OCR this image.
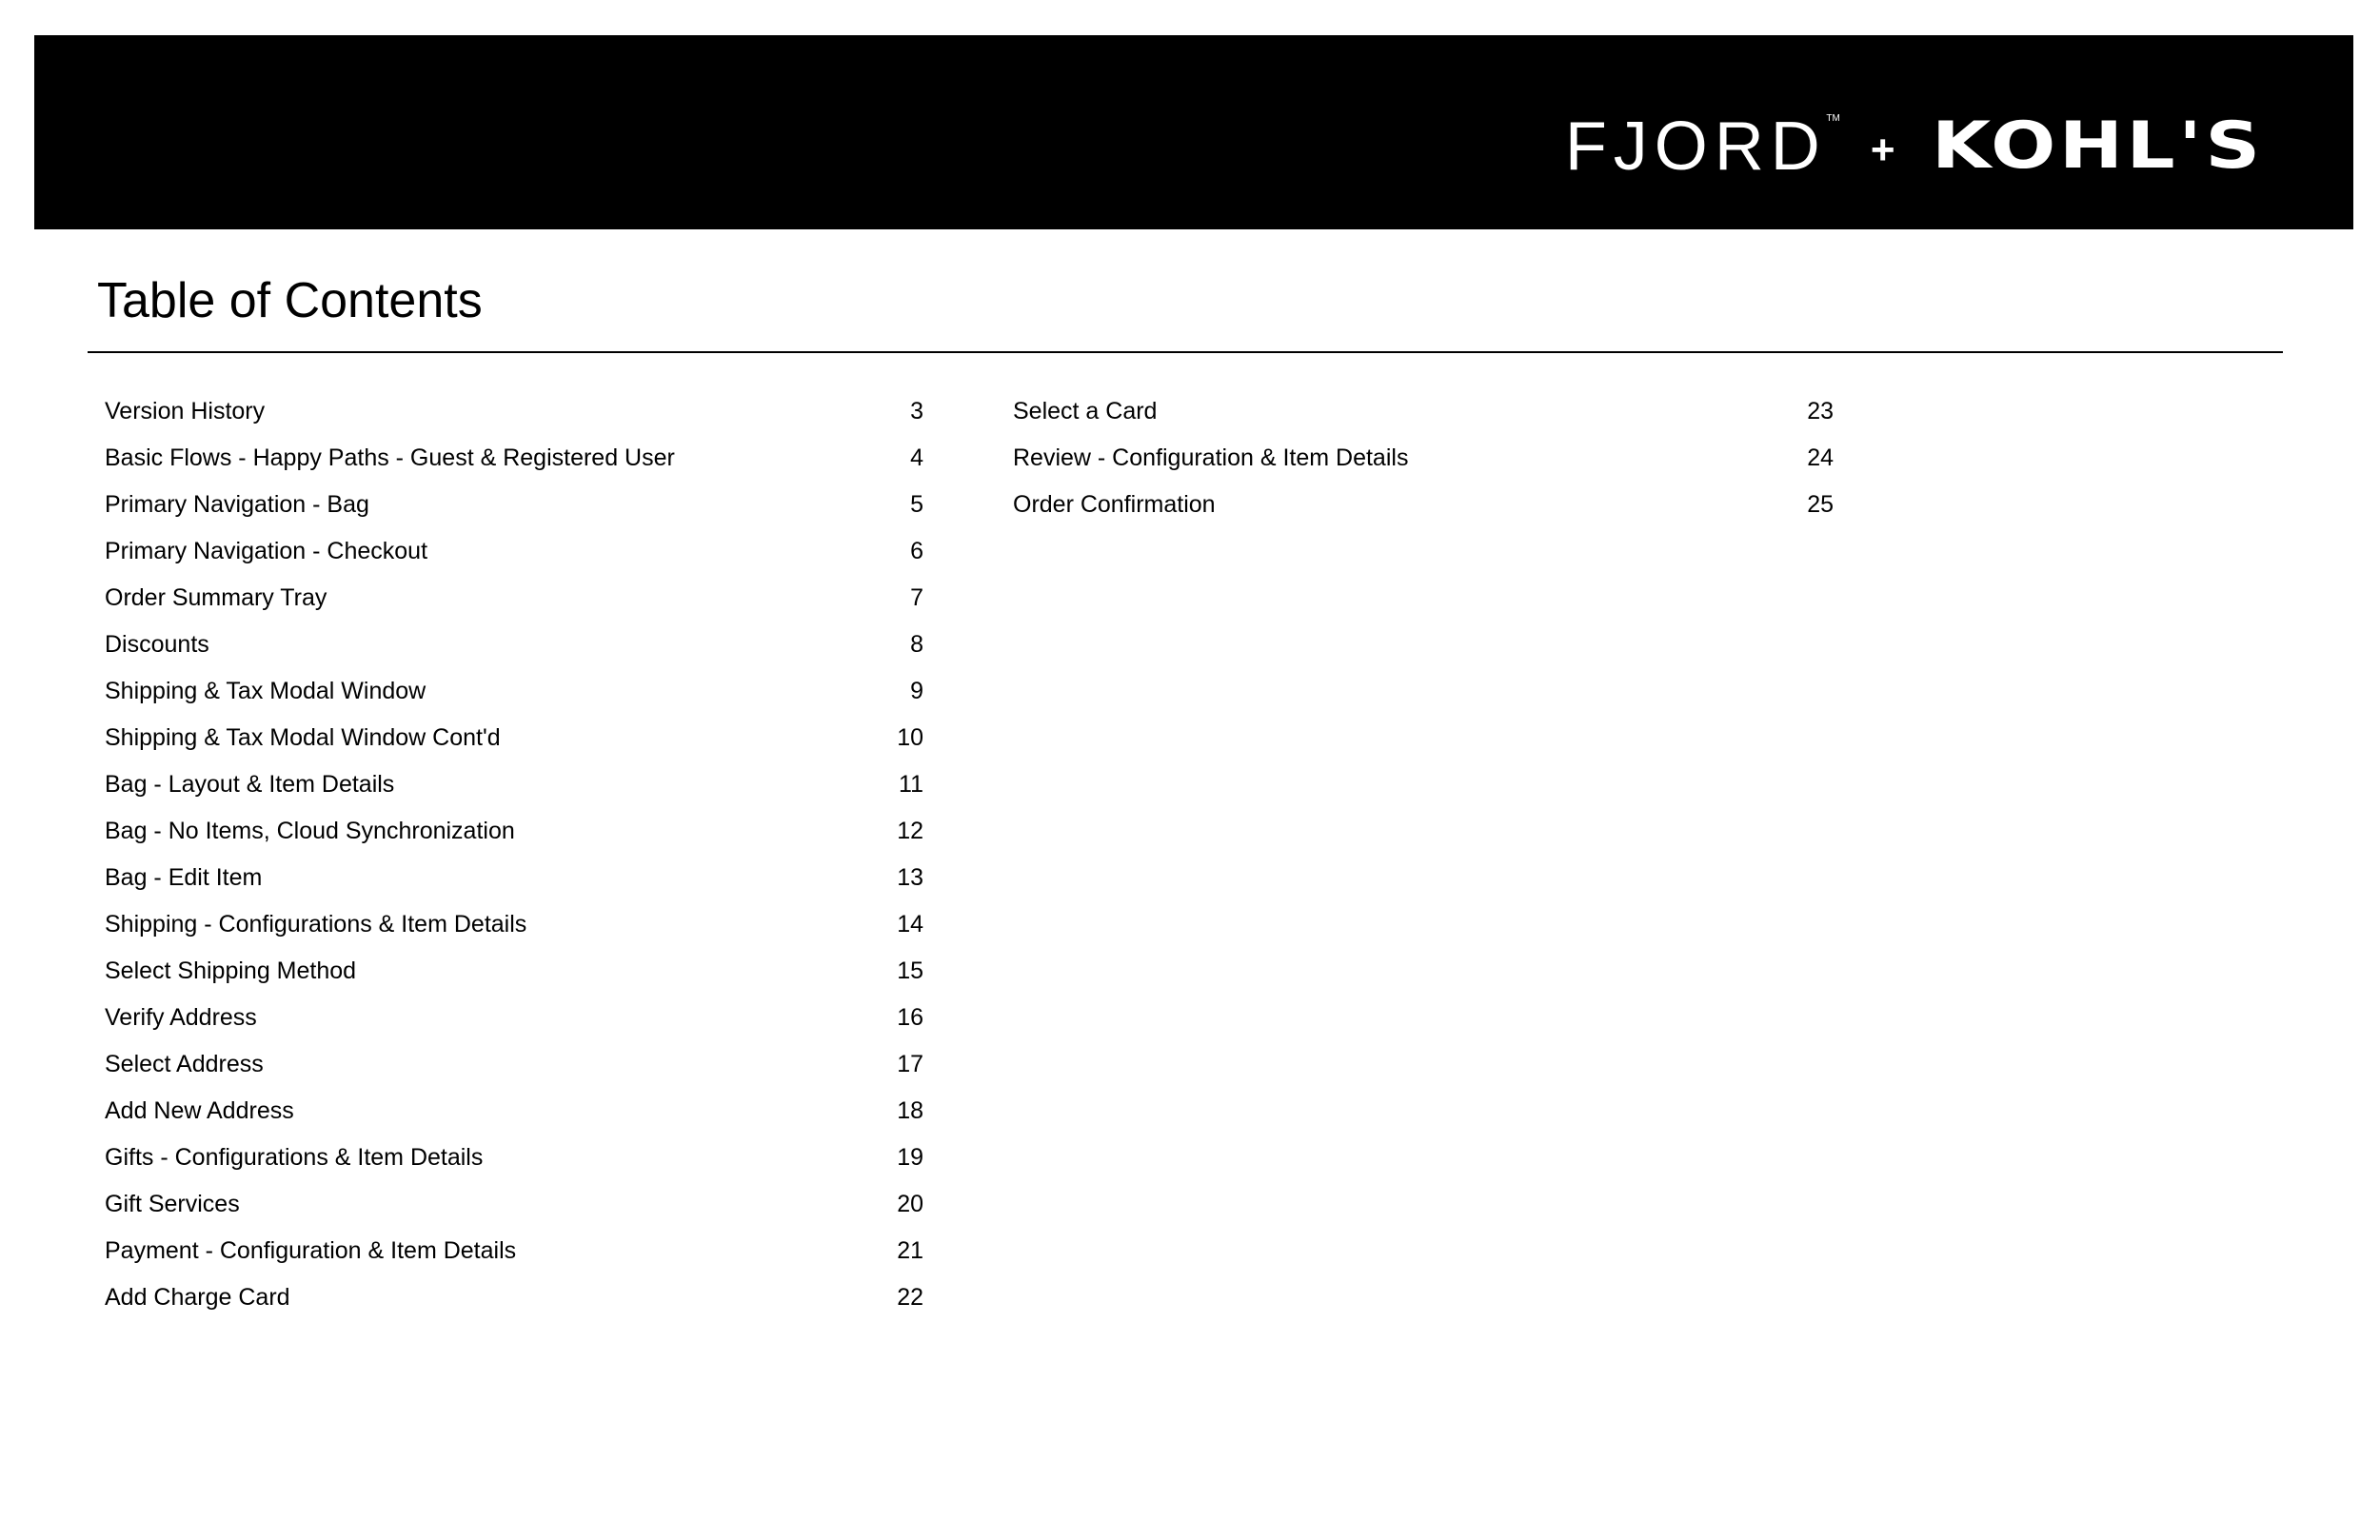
FJORD TM
+ KOHL'S
Table of Contents
Version History	3
Basic Flows - Happy Paths - Guest & Registered User	4
Primary Navigation - Bag	5
Primary Navigation - Checkout	6
Order Summary Tray	7
Discounts	8
Shipping & Tax Modal Window	9
Shipping & Tax Modal Window Cont'd	10
Bag - Layout & Item Details	11
Bag - No Items, Cloud Synchronization	12
Bag - Edit Item	13
Shipping - Configurations & Item Details	14
Select Shipping Method	15
Verify Address	16
Select Address	17
Add New Address	18
Gifts - Configurations & Item Details	19
Gift Services	20
Payment - Configuration & Item Details	21
Add Charge Card	22
Select a Card	23
Review - Configuration & Item Details	24
Order Confirmation	25
